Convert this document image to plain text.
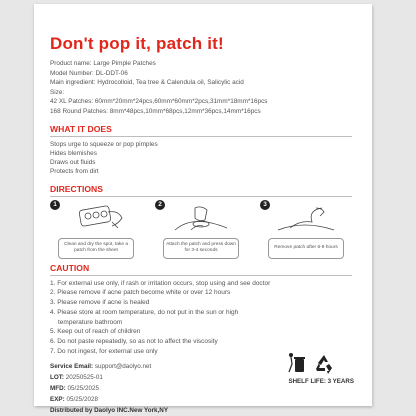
Don't pop it, patch it!
Product name: Large Pimple Patches
Model Number: DL-DDT-06
Main ingredient: Hydrocolloid, Tea tree & Calendula oil, Salicylic acid
Size:
42 XL Patches: 60mm*20mm*24pcs,60mm*60mm*2pcs,31mm*18mm*16pcs
168 Round Patches: 8mm*48pcs,10mm*68pcs,12mm*36pcs,14mm*16pcs
WHAT IT DOES
Stops urge to squeeze or pop pimples
Hides blemishes
Draws out fluids
Protects from dirt
DIRECTIONS
1
Clean and dry the spot, take a patch from the sheet
2
Attach the patch and press down for 3-4 seconds
3
Remove patch after 6-8 hours
CAUTION
1. For external use only, if rash or irritation occurs, stop using and see doctor
2. Please remove if acne patch become white or over 12 hours
3. Please remove if acne is healed
4. Please store at room temperature, do not put in the sun or high
temperature bathroom
5. Keep out of reach of children
6. Do not paste repeatedly, so as not to affect the viscosity
7. Do not ingest, for external use only
Service Email: support@daolyo.net
LOT: 20250525-01
MFD: 05/25/2025
EXP: 05/25/2028
Distributed by Daolyo INC.New York,NY
SHELF LIFE: 3 YEARS
